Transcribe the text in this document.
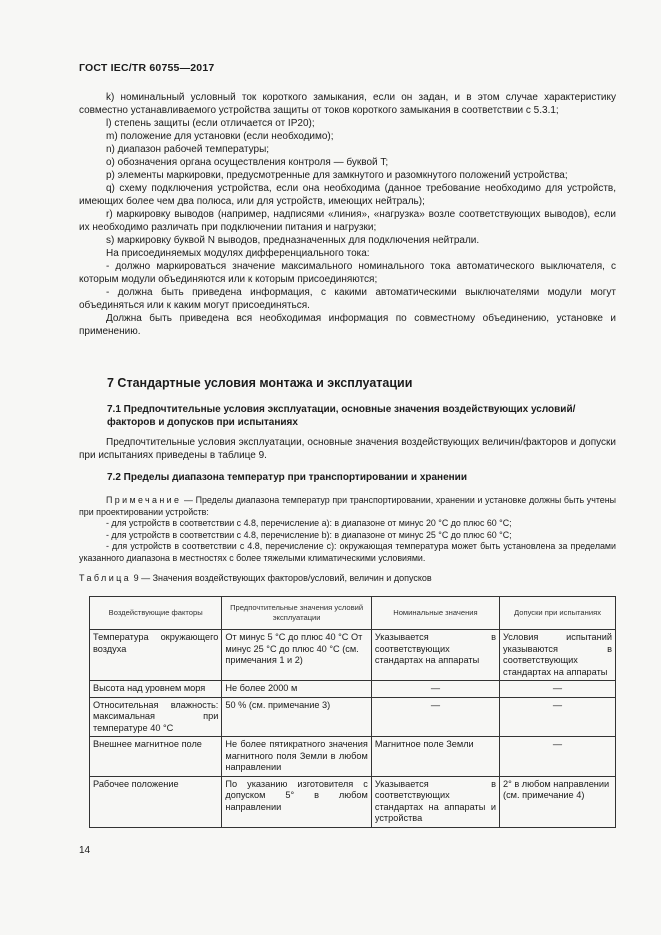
ГОСТ IEC/TR 60755—2017

k) номинальный условный ток короткого замыкания, если он задан, и в этом случае характеристику совместно устанавливаемого устройства защиты от токов короткого замыкания в соответствии с 5.3.1;

l) степень защиты (если отличается от IP20);

m) положение для установки (если необходимо);

n) диапазон рабочей температуры;

o) обозначения органа осуществления контроля — буквой T;

p) элементы маркировки, предусмотренные для замкнутого и разомкнутого положений устройства;

q) схему подключения устройства, если она необходима (данное требование необходимо для устройств, имеющих более чем два полюса, или для устройств, имеющих нейтраль);

r) маркировку выводов (например, надписями «линия», «нагрузка» возле соответствующих выводов), если их необходимо различать при подключении питания и нагрузки;

s) маркировку буквой N выводов, предназначенных для подключения нейтрали.

На присоединяемых модулях дифференциального тока:

- должно маркироваться значение максимального номинального тока автоматического выключателя, с которым модули объединяются или к которым присоединяются;

- должна быть приведена информация, с какими автоматическими выключателями модули могут объединяться или к каким могут присоединяться.

Должна быть приведена вся необходимая информация по совместному объединению, установке и применению.

7 Стандартные условия монтажа и эксплуатации

7.1 Предпочтительные условия эксплуатации, основные значения воздействующих условий/факторов и допусков при испытаниях

Предпочтительные условия эксплуатации, основные значения воздействующих величин/факторов и допуски при испытаниях приведены в таблице 9.

7.2 Пределы диапазона температур при транспортировании и хранении

Примечание — Пределы диапазона температур при транспортировании, хранении и установке должны быть учтены при проектировании устройств:

- для устройств в соответствии с 4.8, перечисление а): в диапазоне от минус 20 °С до плюс 60 °С;

- для устройств в соответствии с 4.8, перечисление b): в диапазоне от минус 25 °С до плюс 60 °С;

- для устройств в соответствии с 4.8, перечисление с): окружающая температура может быть установлена за пределами указанного диапазона в местностях с более тяжелыми климатическими условиями.

Таблица 9 — Значения воздействующих факторов/условий, величин и допусков
Воздействующие факторы	Предпочтительные значения условий эксплуатации	Номинальные значения	Допуски при испытаниях
Температура окружающего воздуха	От минус 5 °С до плюс 40 °С От минус 25 °С до плюс 40 °С (см. примечания 1 и 2)	Указывается в соответствующих стандартах на аппараты	Условия испытаний указываются в соответствующих стандартах на аппараты
Высота над уровнем моря	Не более 2000 м	—	—
Относительная влажность: максимальная при температуре 40 °С	50 % (см. примечание 3)	—	—
Внешнее магнитное поле	Не более пятикратного значения магнитного поля Земли в любом направлении	Магнитное поле Земли	—
Рабочее положение	По указанию изготовителя с допуском 5° в любом направлении	Указывается в соответствующих стандартах на аппараты и устройства	2° в любом направлении (см. примечание 4)
14
